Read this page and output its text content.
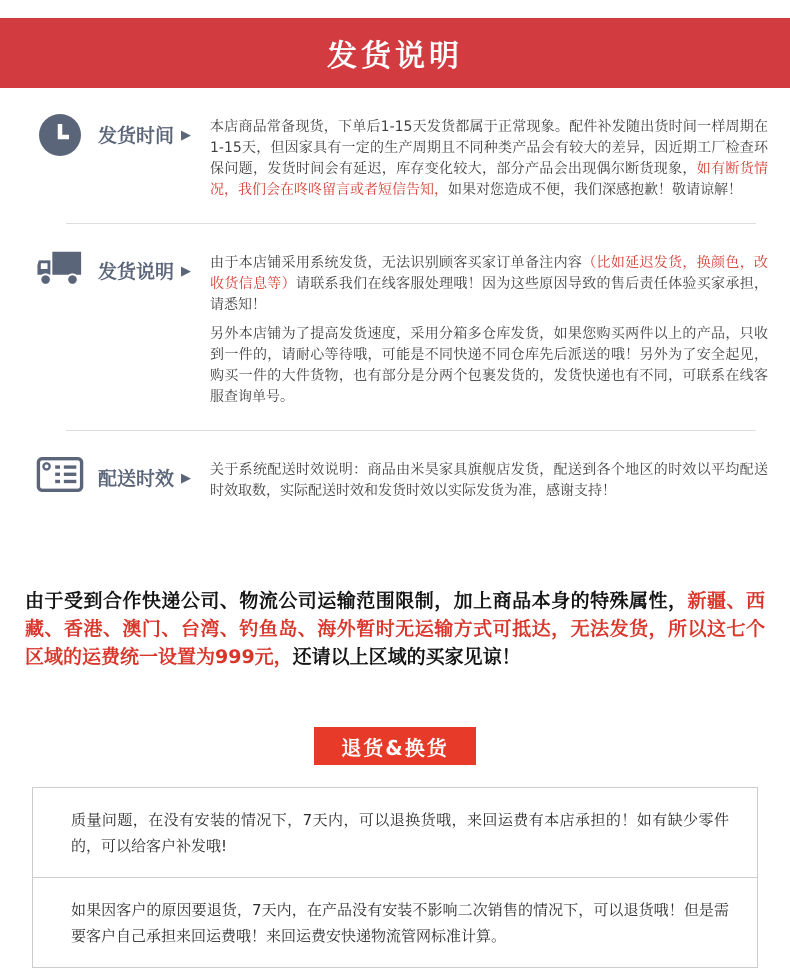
发货说明
发货时间 ▶

本店商品常备现货，下单后1-15天发货都属于正常现象。配件补发随出货时间一样周期在1-15天，但因家具有一定的生产周期且不同种类产品会有较大的差异，因近期工厂检查环保问题，发货时间会有延迟，库存变化较大，部分产品会出现偶尔断货现象，如有断货情况，我们会在咚咚留言或者短信告知，如果对您造成不便，我们深感抱歉！敬请谅解！

发货说明 ▶

由于本店铺采用系统发货，无法识别顾客买家订单备注内容（比如延迟发货，换颜色，改收货信息等）请联系我们在线客服处理哦！因为这些原因导致的售后责任体验买家承担，请悉知！

另外本店铺为了提高发货速度，采用分箱多仓库发货，如果您购买两件以上的产品，只收到一件的，请耐心等待哦，可能是不同快递不同仓库先后派送的哦！另外为了安全起见，购买一件的大件货物，也有部分是分两个包裹发货的，发货快递也有不同，可联系在线客服查询单号。

配送时效 ▶

关于系统配送时效说明：商品由米昊家具旗舰店发货，配送到各个地区的时效以平均配送时效取数，实际配送时效和发货时效以实际发货为准，感谢支持！

由于受到合作快递公司、物流公司运输范围限制，加上商品本身的特殊属性，新疆、西藏、香港、澳门、台湾、钓鱼岛、海外暂时无运输方式可抵达，无法发货，所以这七个区域的运费统一设置为999元，还请以上区域的买家见谅！
退货&换货

质量问题，在没有安装的情况下，7天内，可以退换货哦，来回运费有本店承担的！如有缺少零件的，可以给客户补发哦!

如果因客户的原因要退货，7天内，在产品没有安装不影响二次销售的情况下，可以退货哦！但是需要客户自己承担来回运费哦！来回运费安快递物流管网标准计算。
